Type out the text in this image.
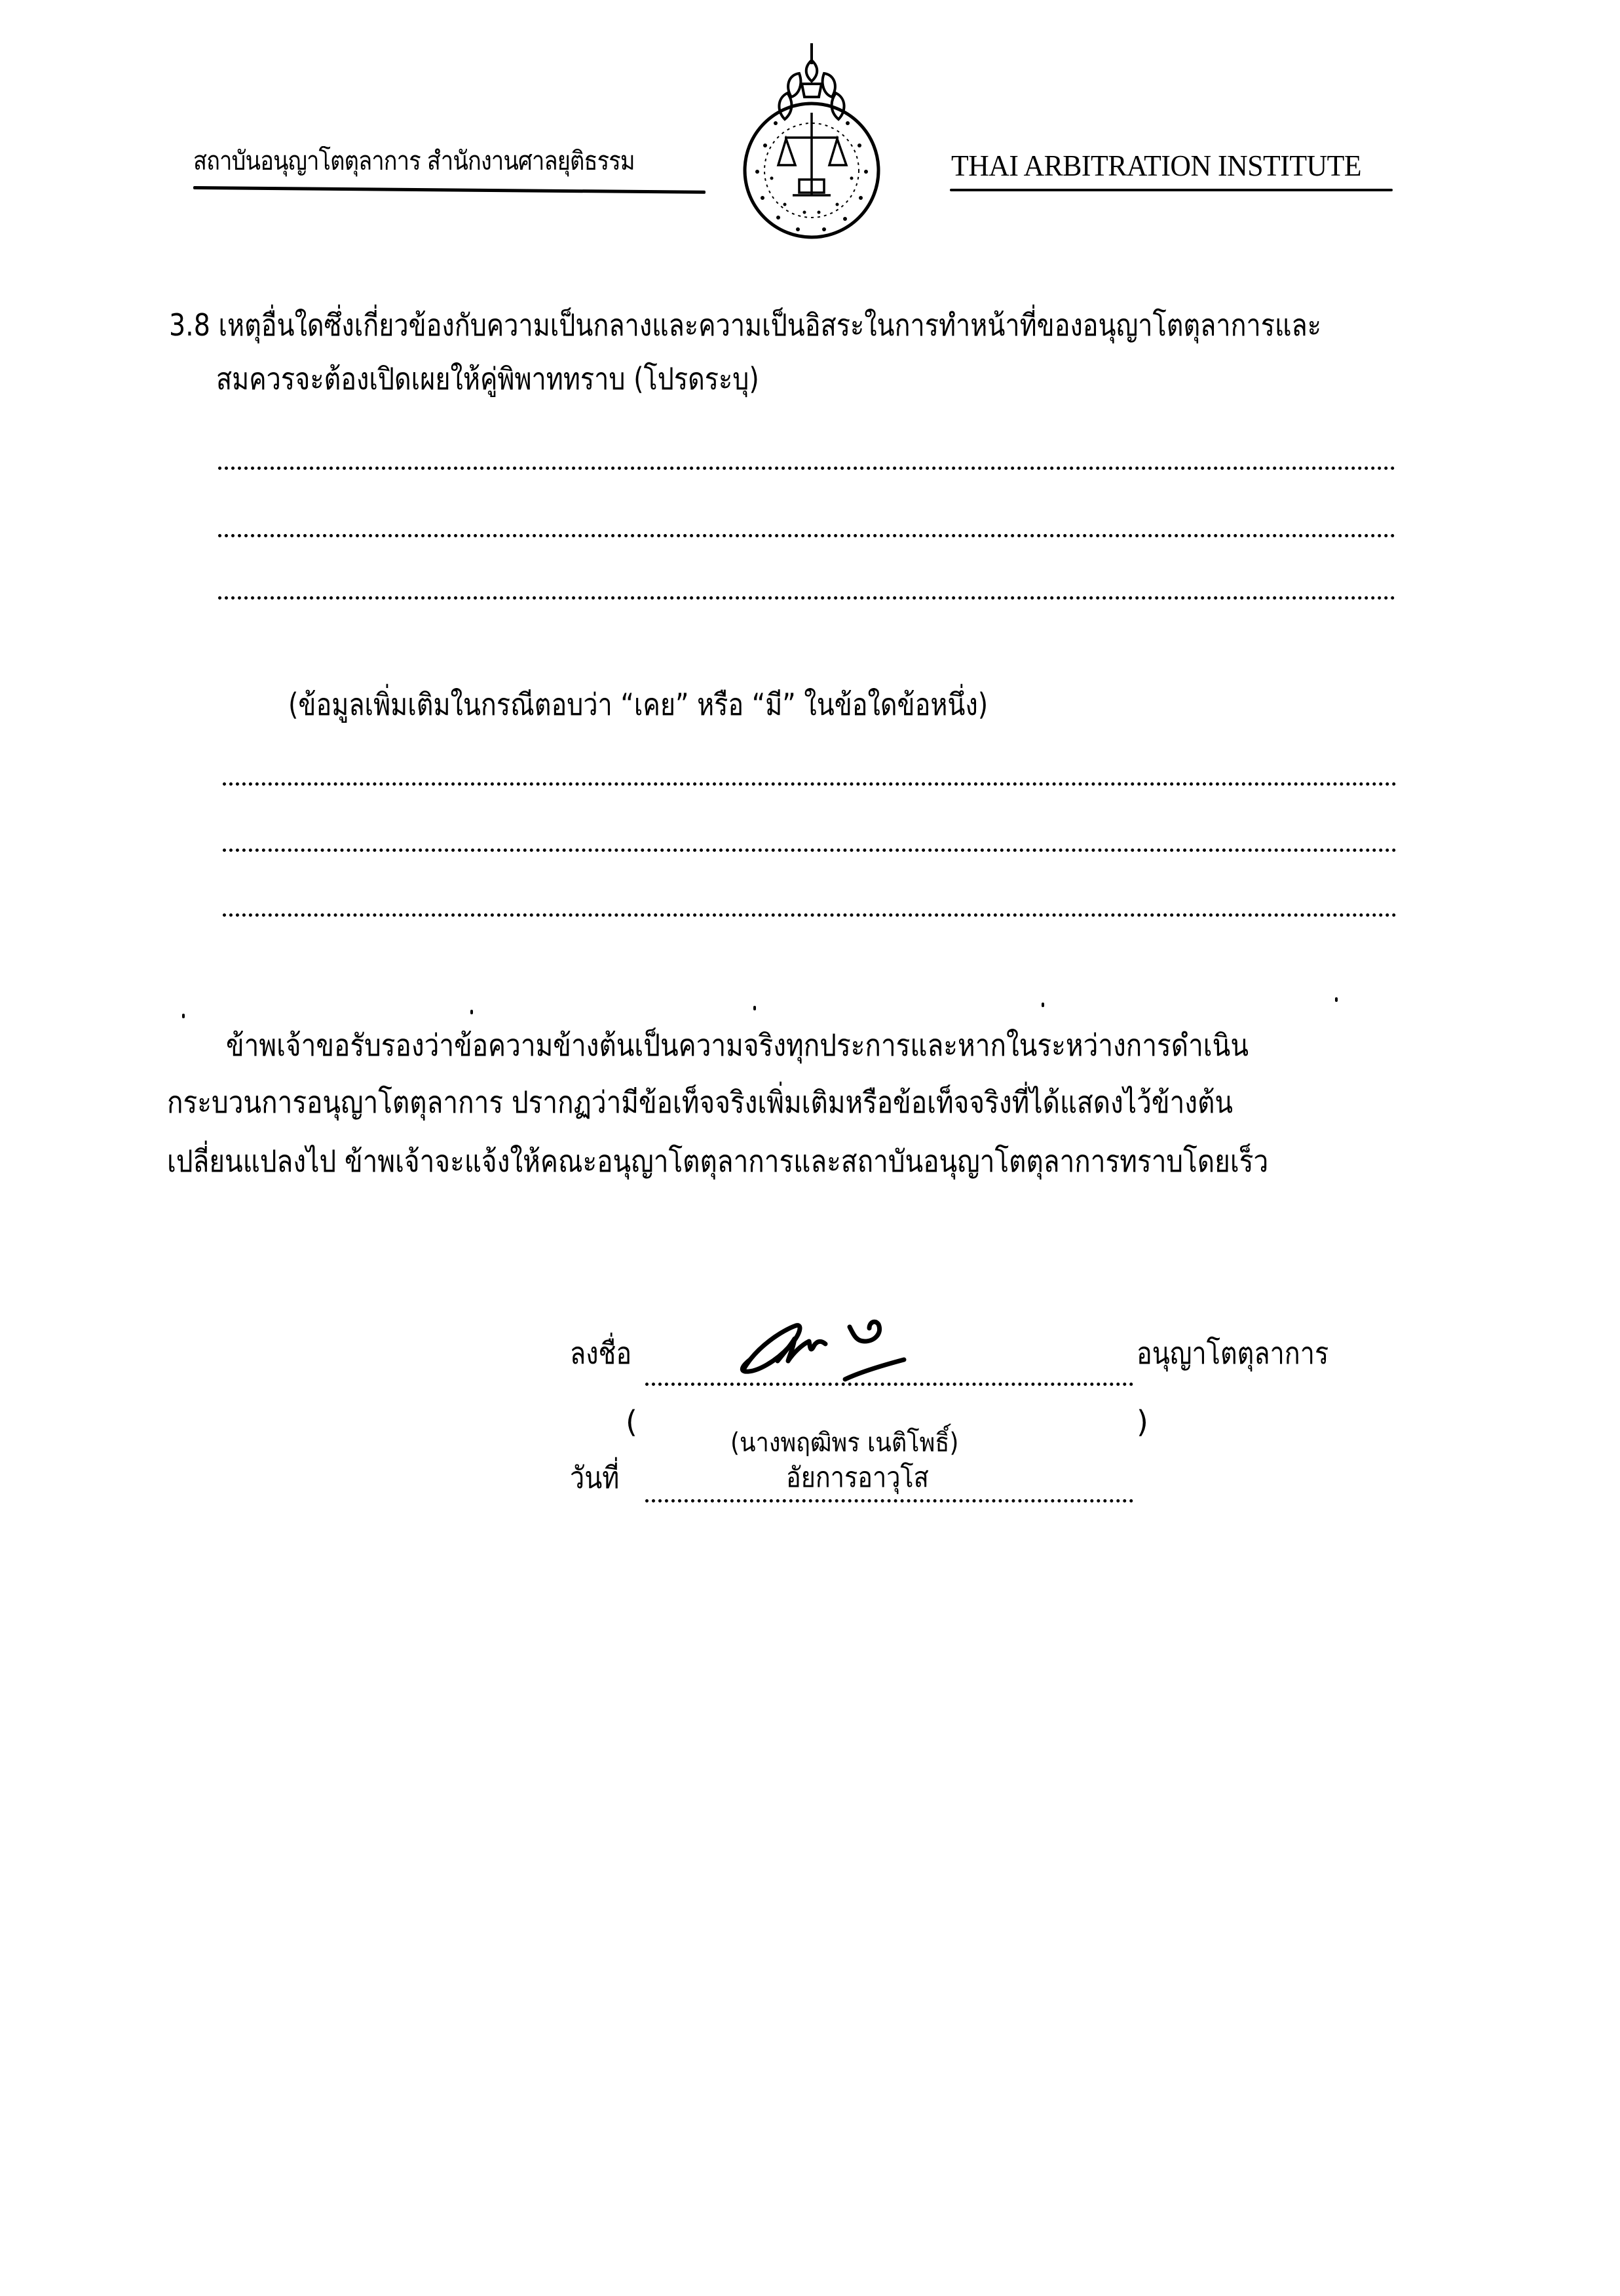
สถาบันอนุญาโตตุลาการ สำนักงานศาลยุติธรรม	THAI ARBITRATION INSTITUTE
3.8 เหตุอื่นใดซึ่งเกี่ยวข้องกับความเป็นกลางและความเป็นอิสระในการทำหน้าที่ของอนุญาโตตุลาการและ
สมควรจะต้องเปิดเผยให้คู่พิพาททราบ (โปรดระบุ)
(ข้อมูลเพิ่มเติมในกรณีตอบว่า “เคย” หรือ “มี” ในข้อใดข้อหนึ่ง)
ข้าพเจ้าขอรับรองว่าข้อความข้างต้นเป็นความจริงทุกประการและหากในระหว่างการดำเนิน
กระบวนการอนุญาโตตุลาการ ปรากฏว่ามีข้อเท็จจริงเพิ่มเติมหรือข้อเท็จจริงที่ได้แสดงไว้ข้างต้น
เปลี่ยนแปลงไป ข้าพเจ้าจะแจ้งให้คณะอนุญาโตตุลาการและสถาบันอนุญาโตตุลาการทราบโดยเร็ว
ลงชื่อ	อนุญาโตตุลาการ
(	)
(นางพฤฒิพร เนติโพธิ์)
วันที่	อัยการอาวุโส
